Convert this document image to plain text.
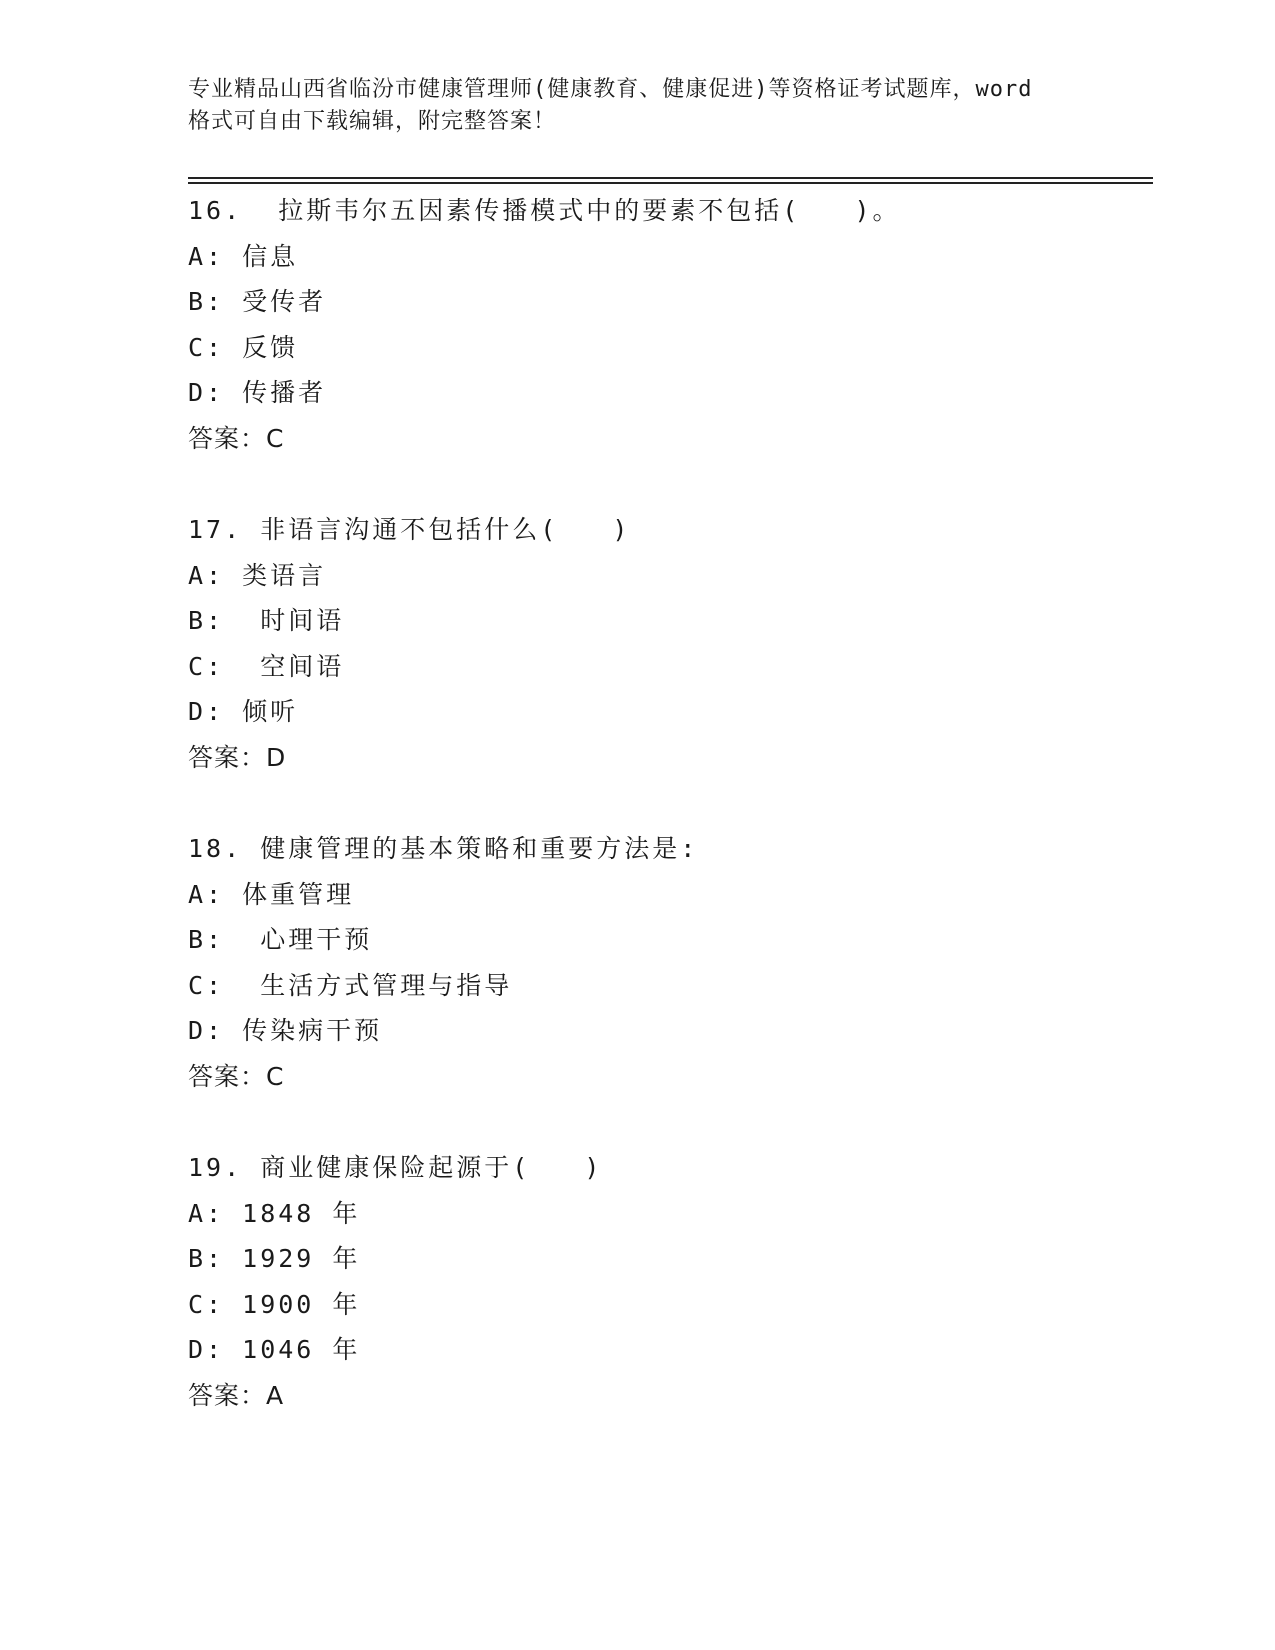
专业精品山西省临汾市健康管理师(健康教育、健康促进)等资格证考试题库，word
格式可自由下载编辑，附完整答案！
16.  拉斯韦尔五因素传播模式中的要素不包括(   )。
A: 信息
B: 受传者
C: 反馈
D: 传播者
答案：C
17. 非语言沟通不包括什么(   )
A: 类语言
B:  时间语
C:  空间语
D: 倾听
答案：D
18. 健康管理的基本策略和重要方法是:
A: 体重管理
B:  心理干预
C:  生活方式管理与指导
D: 传染病干预
答案：C
19. 商业健康保险起源于(   )
A: 1848 年
B: 1929 年
C: 1900 年
D: 1046 年
答案：A
